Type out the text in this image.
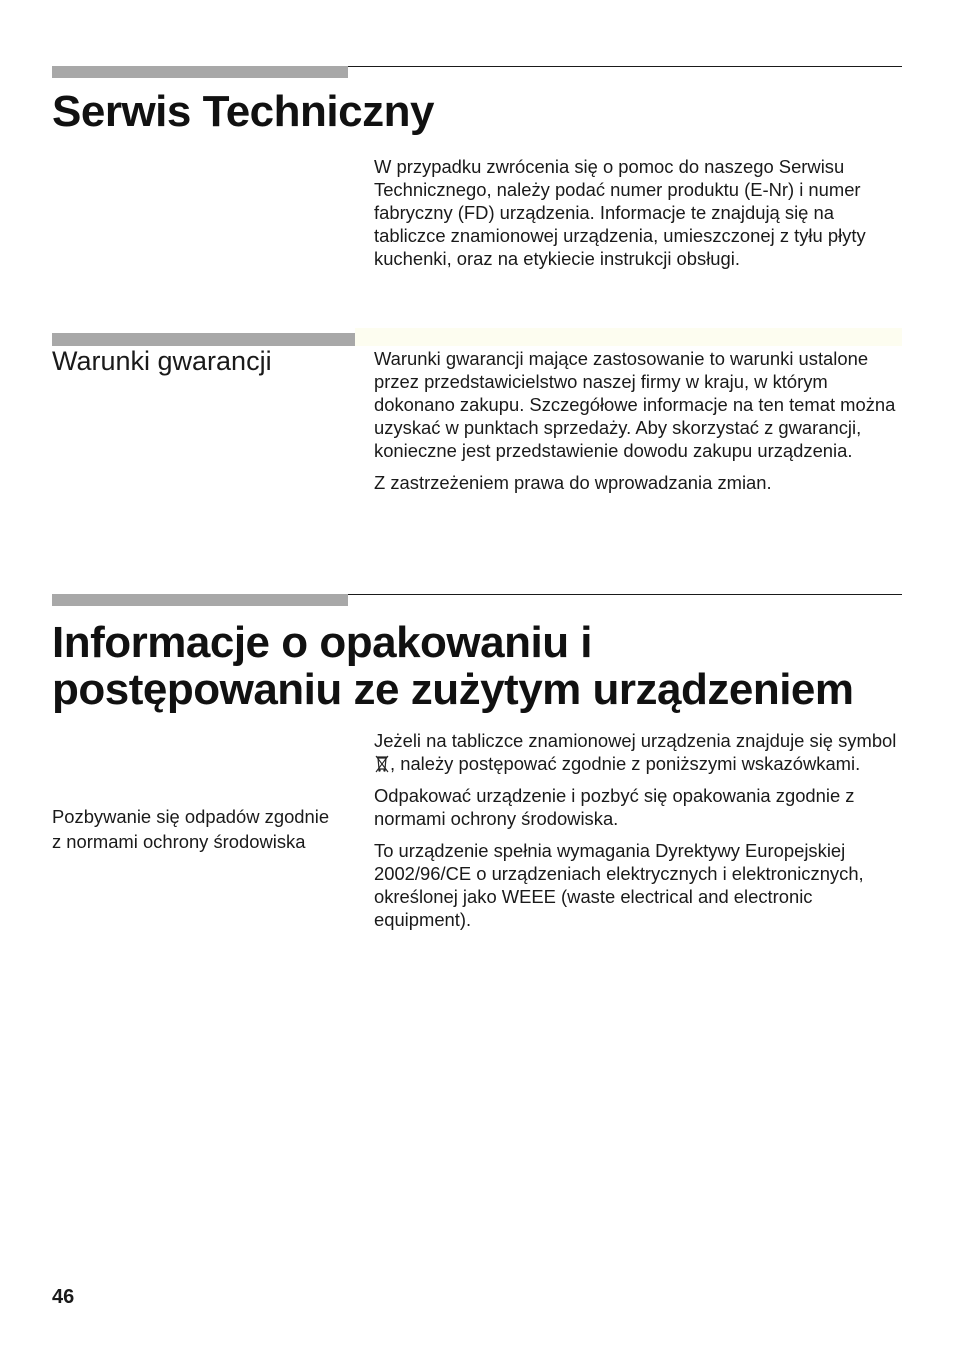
Serwis Techniczny

W przypadku zwrócenia się o pomoc do naszego Serwisu Technicznego, należy podać numer produktu (E-Nr) i numer fabryczny (FD) urządzenia. Informacje te znajdują się na tabliczce znamionowej urządzenia, umieszczonej z tyłu płyty kuchenki, oraz na etykiecie instrukcji obsługi.

Warunki gwarancji	Warunki gwarancji mające zastosowanie to warunki ustalone przez przedstawicielstwo naszej firmy w kraju, w którym dokonano zakupu. Szczegółowe informacje na ten temat można uzyskać w punktach sprzedaży. Aby skorzystać z gwarancji, konieczne jest przedstawienie dowodu zakupu urządzenia.

Z zastrzeżeniem prawa do wprowadzania zmian.

Informacje o opakowaniu i
postępowaniu ze zużytym urządzeniem

Jeżeli na tabliczce znamionowej urządzenia znajduje się symbol , należy postępować zgodnie z poniższymi wskazówkami.

Odpakować urządzenie i pozbyć się opakowania zgodnie z normami ochrony środowiska.

To urządzenie spełnia wymagania Dyrektywy Europejskiej 2002/96/CE o urządzeniach elektrycznych i elektronicznych, określonej jako WEEE (waste electrical and electronic equipment).

Pozbywanie się odpadów zgodnie z normami ochrony środowiska
46
